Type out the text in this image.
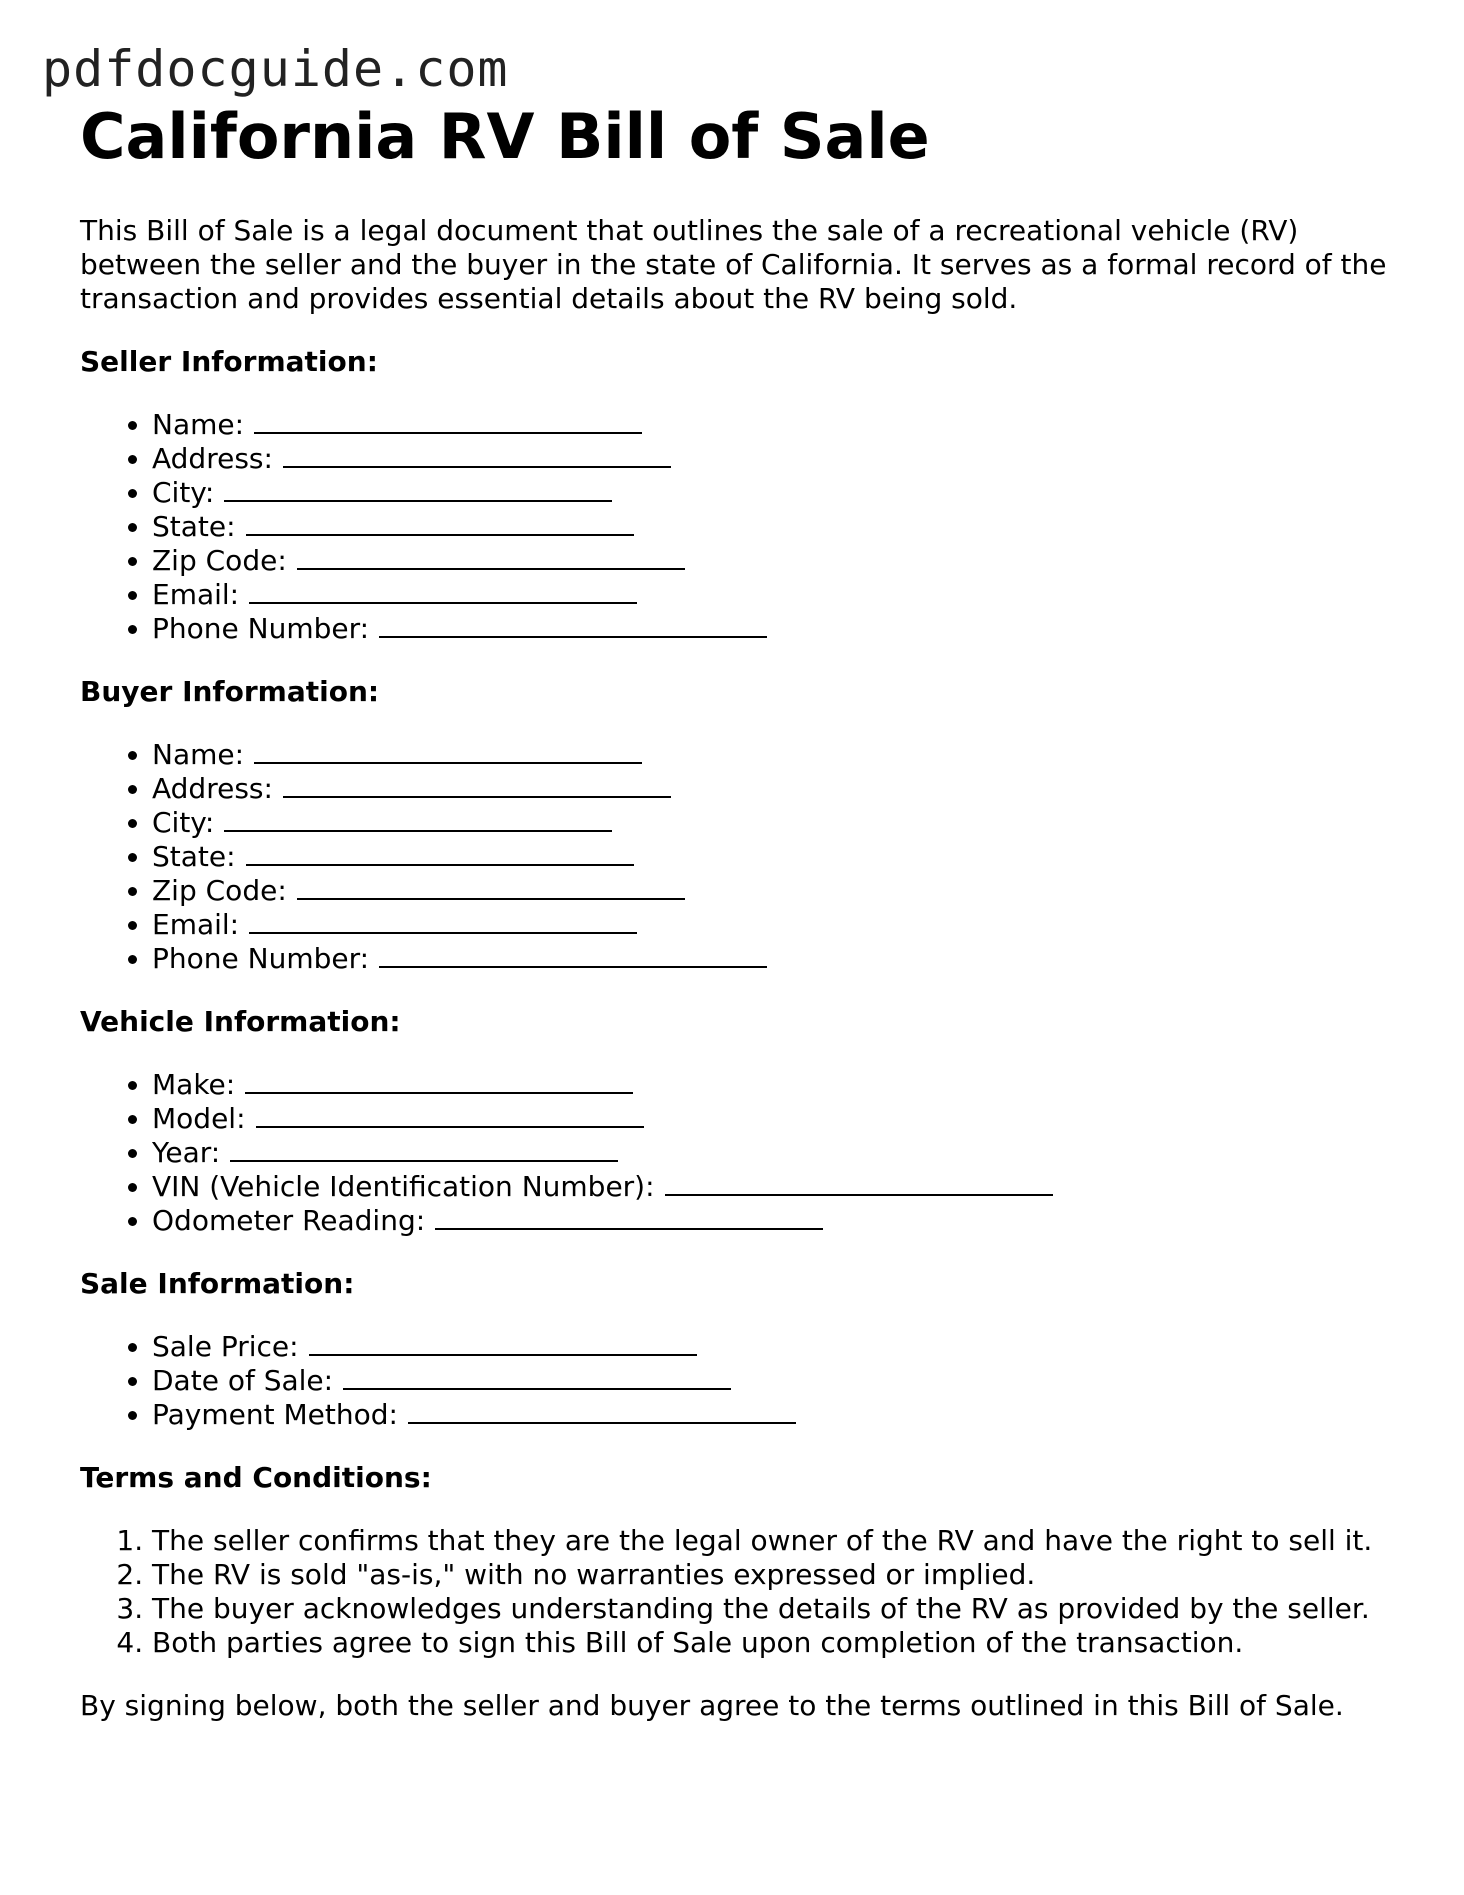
pdfdocguide.com
California RV Bill of Sale

This Bill of Sale is a legal document that outlines the sale of a recreational vehicle (RV) between the seller and the buyer in the state of California. It serves as a formal record of the transaction and provides essential details about the RV being sold.

Seller Information:
• Name:
• Address:
• City:
• State:
• Zip Code:
• Email:
• Phone Number:
Buyer Information:
• Name:
• Address:
• City:
• State:
• Zip Code:
• Email:
• Phone Number:
Vehicle Information:
• Make:
• Model:
• Year:
• VIN (Vehicle Identification Number):
• Odometer Reading:
Sale Information:
• Sale Price:
• Date of Sale:
• Payment Method:
Terms and Conditions:
1. The seller confirms that they are the legal owner of the RV and have the right to sell it.
2. The RV is sold "as-is," with no warranties expressed or implied.
3. The buyer acknowledges understanding the details of the RV as provided by the seller.
4. Both parties agree to sign this Bill of Sale upon completion of the transaction.

By signing below, both the seller and buyer agree to the terms outlined in this Bill of Sale.
